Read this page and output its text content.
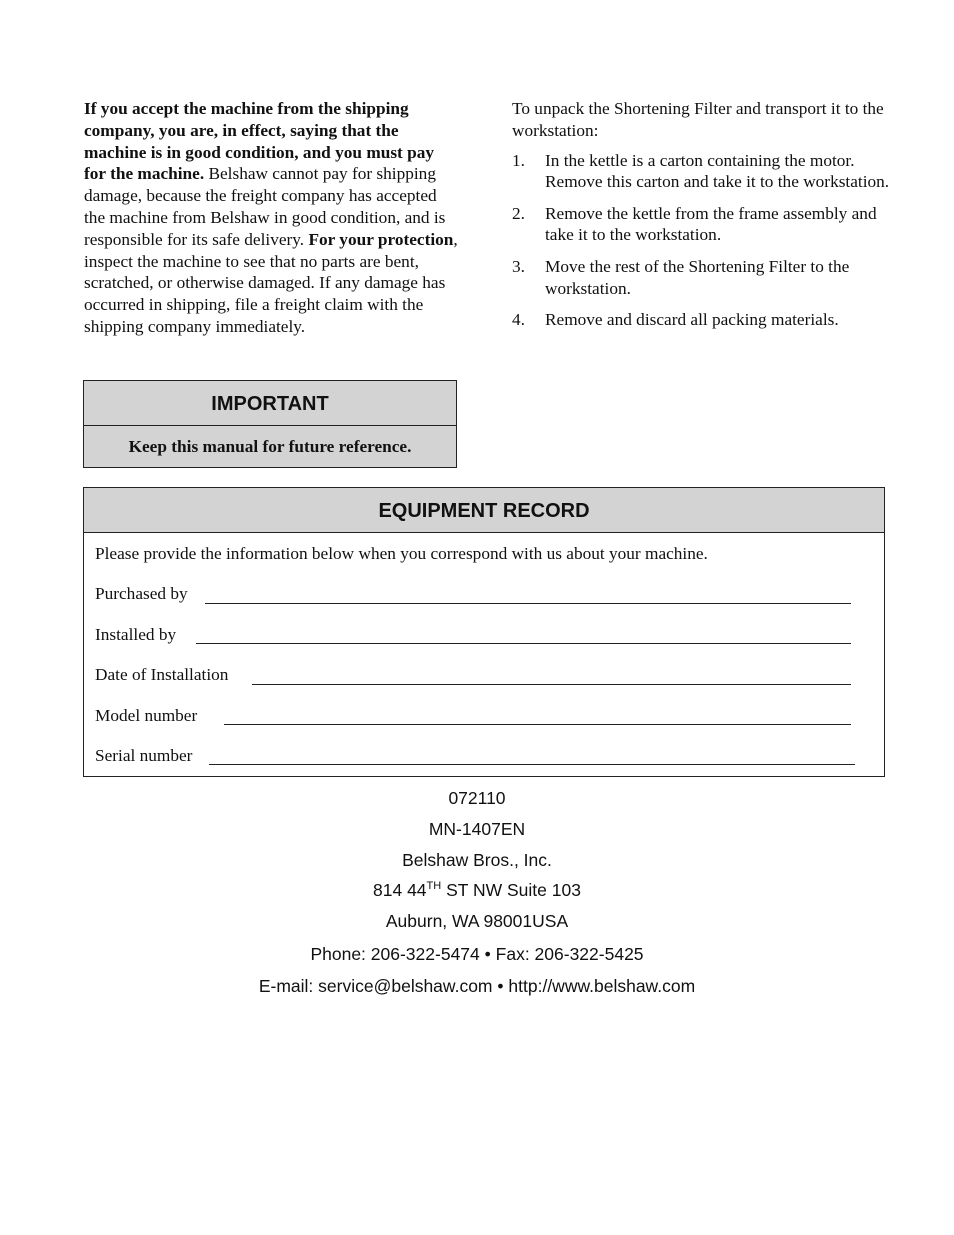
If you accept the machine from the shipping company, you are, in effect, saying that the machine is in good condition, and you must pay for the machine. Belshaw cannot pay for shipping damage, because the freight company has accepted the machine from Belshaw in good condition, and is responsible for its safe delivery. For your protection, inspect the machine to see that no parts are bent, scratched, or otherwise damaged. If any damage has occurred in shipping, file a freight claim with the shipping company immediately.
IMPORTANT
Keep this manual for future reference.

To unpack the Shortening Filter and transport it to the workstation:

1. In the kettle is a carton containing the motor. Remove this carton and take it to the workstation.
2. Remove the kettle from the frame assembly and take it to the workstation.
3. Move the rest of the Shortening Filter to the workstation.
4. Remove and discard all packing materials.
EQUIPMENT RECORD
Please provide the information below when you correspond with us about your machine.
Purchased by
Installed by
Date of Installation
Model number
Serial number
072110
MN-1407EN
Belshaw Bros., Inc.
814 44TH ST NW Suite 103
Auburn, WA 98001USA
Phone: 206-322-5474 • Fax: 206-322-5425
E-mail: service@belshaw.com • http://www.belshaw.com
